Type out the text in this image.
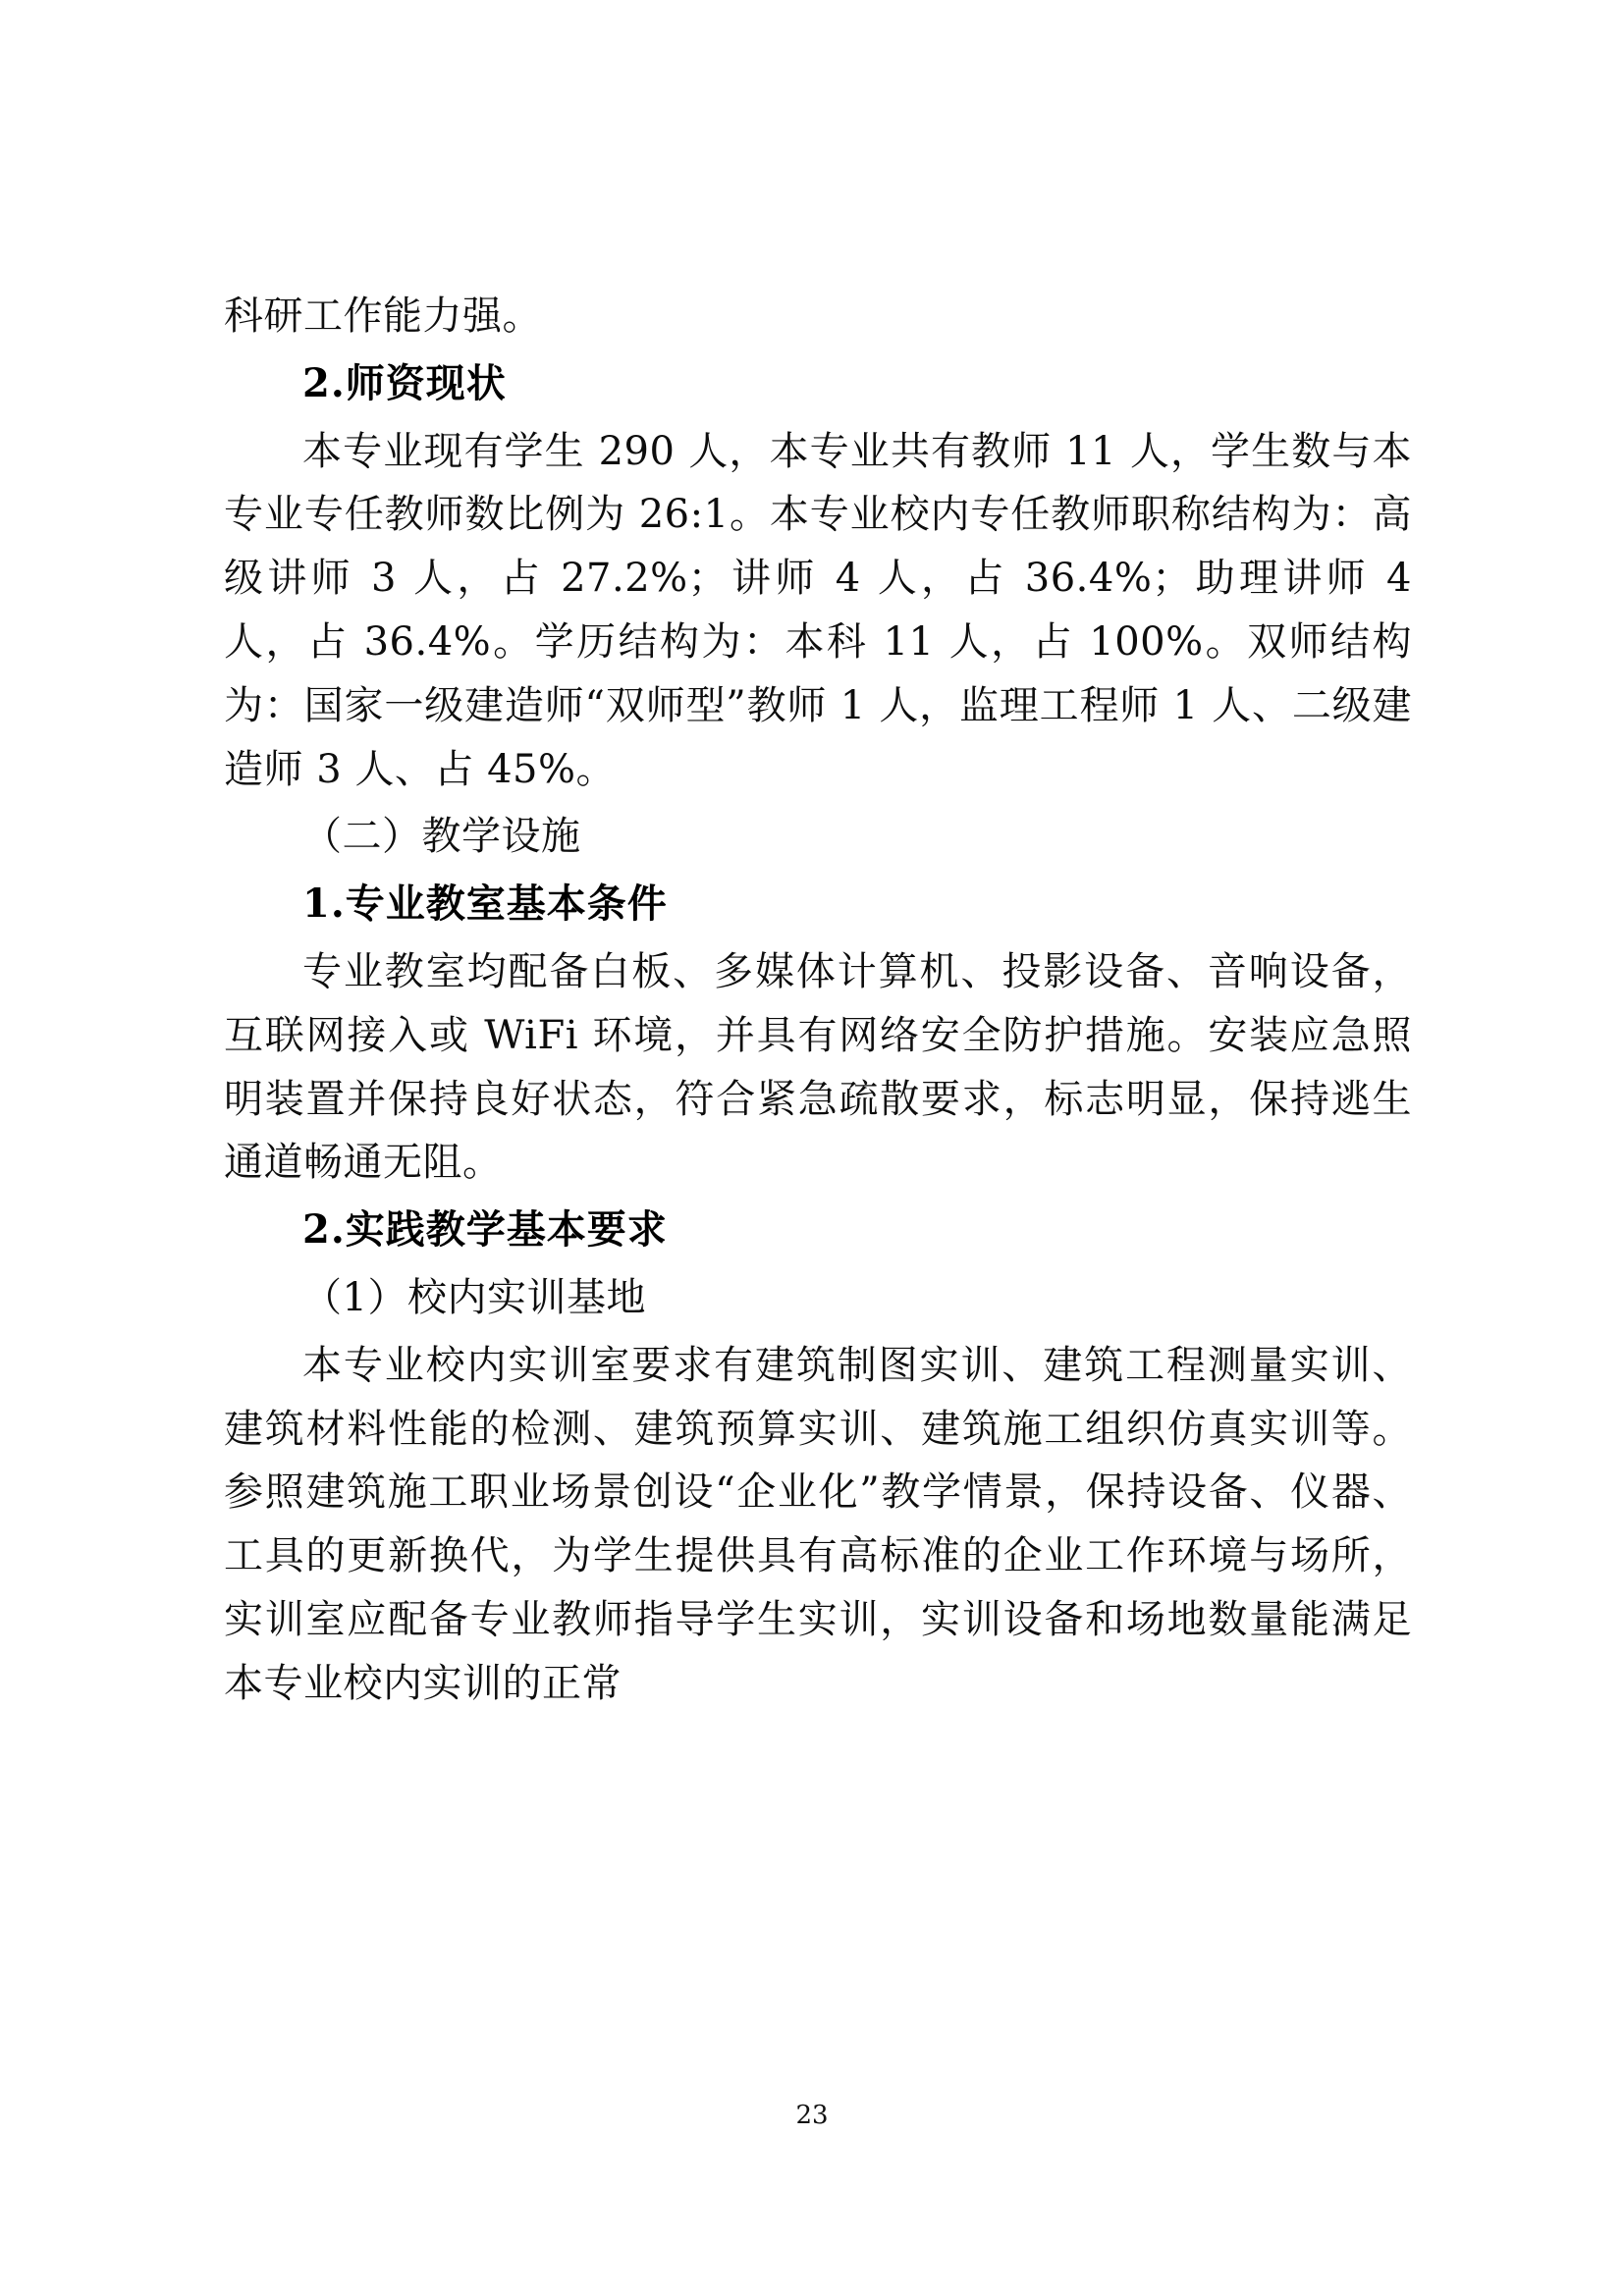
科研工作能力强。

2.师资现状

本专业现有学生 290 人，本专业共有教师 11 人，学生数与本专业专任教师数比例为 26:1。本专业校内专任教师职称结构为：高级讲师 3 人，占 27.2%；讲师 4 人，占 36.4%；助理讲师 4 人，占 36.4%。学历结构为：本科 11 人，占 100%。双师结构为：国家一级建造师“双师型”教师 1 人，监理工程师 1 人、二级建造师 3 人、占 45%。

（二）教学设施

1.专业教室基本条件

专业教室均配备白板、多媒体计算机、投影设备、音响设备，互联网接入或 WiFi 环境，并具有网络安全防护措施。安装应急照明装置并保持良好状态，符合紧急疏散要求，标志明显，保持逃生通道畅通无阻。

2.实践教学基本要求

（1）校内实训基地

本专业校内实训室要求有建筑制图实训、建筑工程测量实训、建筑材料性能的检测、建筑预算实训、建筑施工组织仿真实训等。参照建筑施工职业场景创设“企业化”教学情景，保持设备、仪器、工具的更新换代，为学生提供具有高标准的企业工作环境与场所，实训室应配备专业教师指导学生实训，实训设备和场地数量能满足本专业校内实训的正常

23
